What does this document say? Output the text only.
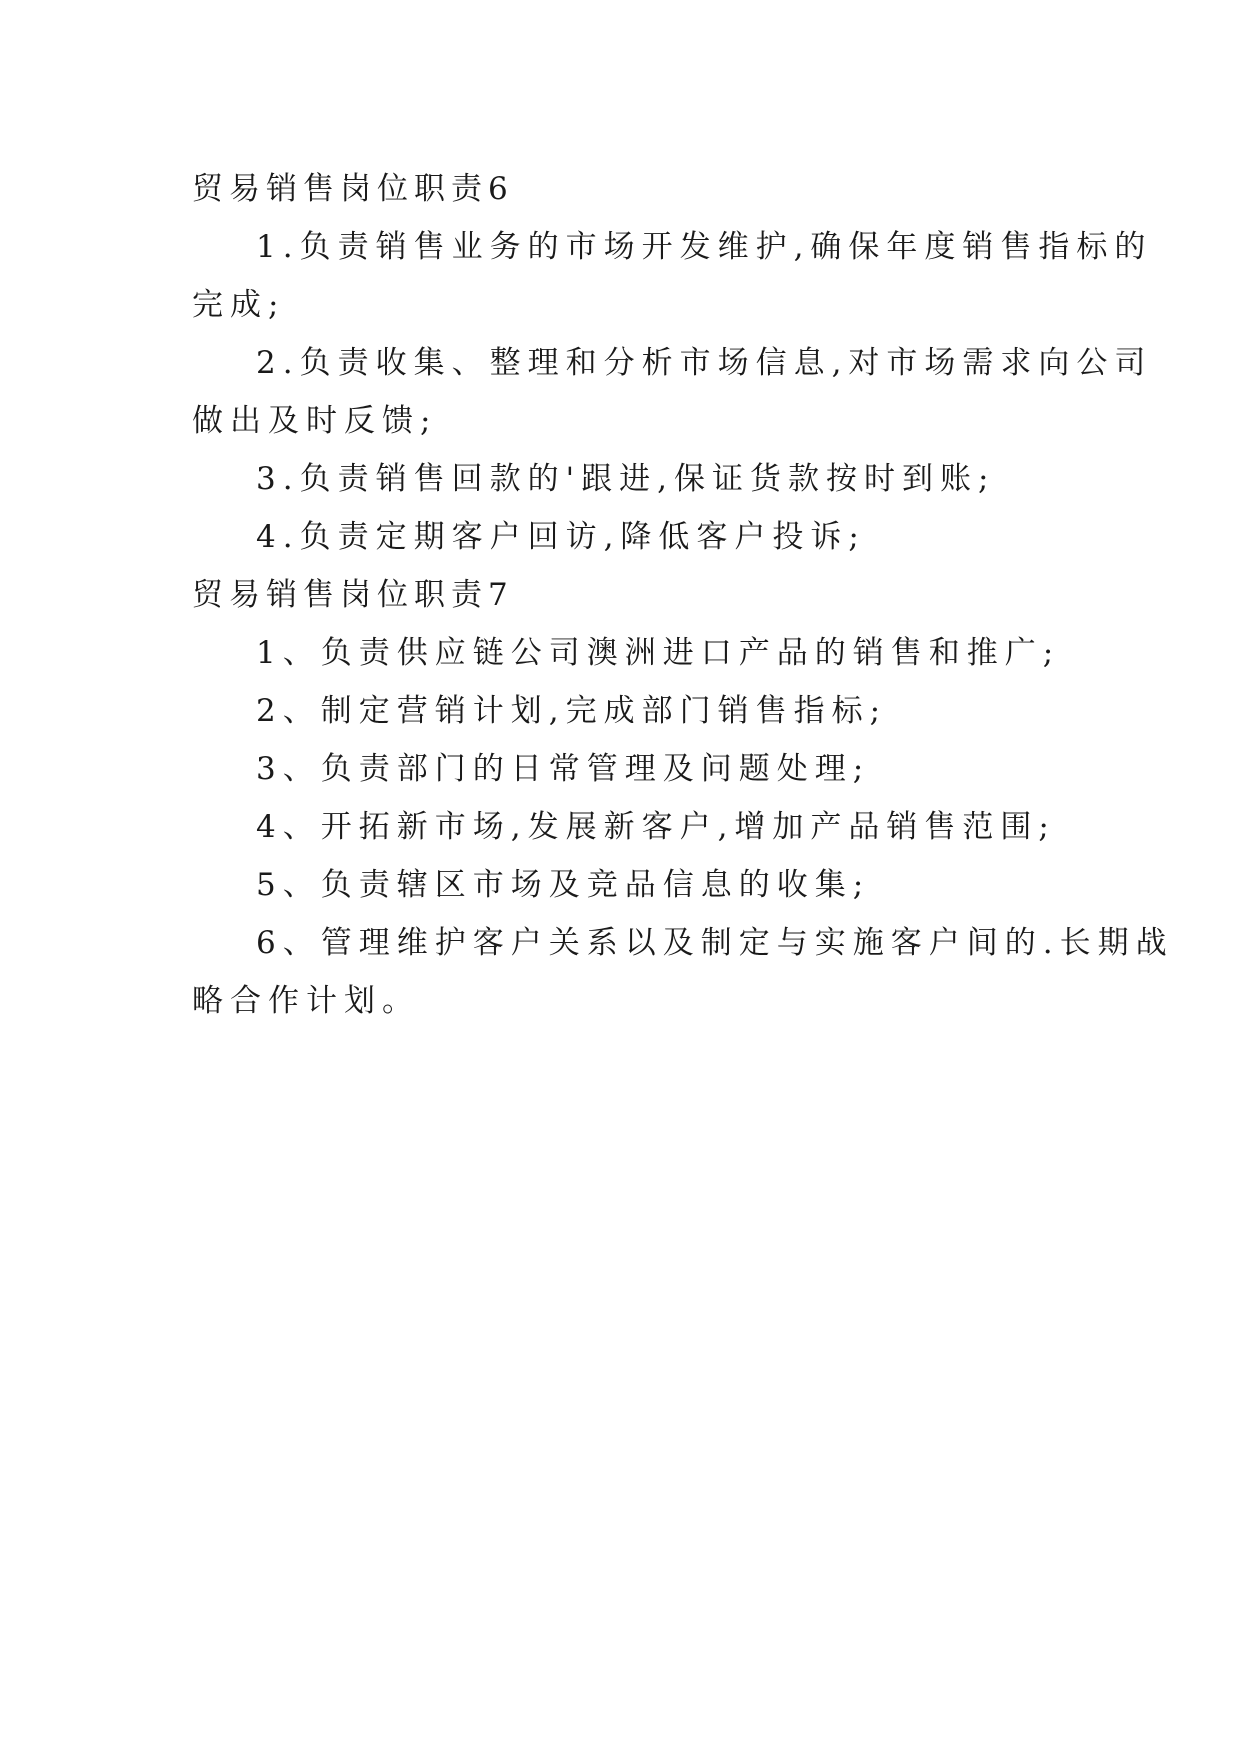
贸易销售岗位职责6
1.负责销售业务的市场开发维护,确保年度销售指标的
完成;
2.负责收集、整理和分析市场信息,对市场需求向公司
做出及时反馈;
3.负责销售回款的'跟进,保证货款按时到账;
4.负责定期客户回访,降低客户投诉;
贸易销售岗位职责7
1、负责供应链公司澳洲进口产品的销售和推广;
2、制定营销计划,完成部门销售指标;
3、负责部门的日常管理及问题处理;
4、开拓新市场,发展新客户,增加产品销售范围;
5、负责辖区市场及竞品信息的收集;
6、管理维护客户关系以及制定与实施客户间的.长期战
略合作计划。
